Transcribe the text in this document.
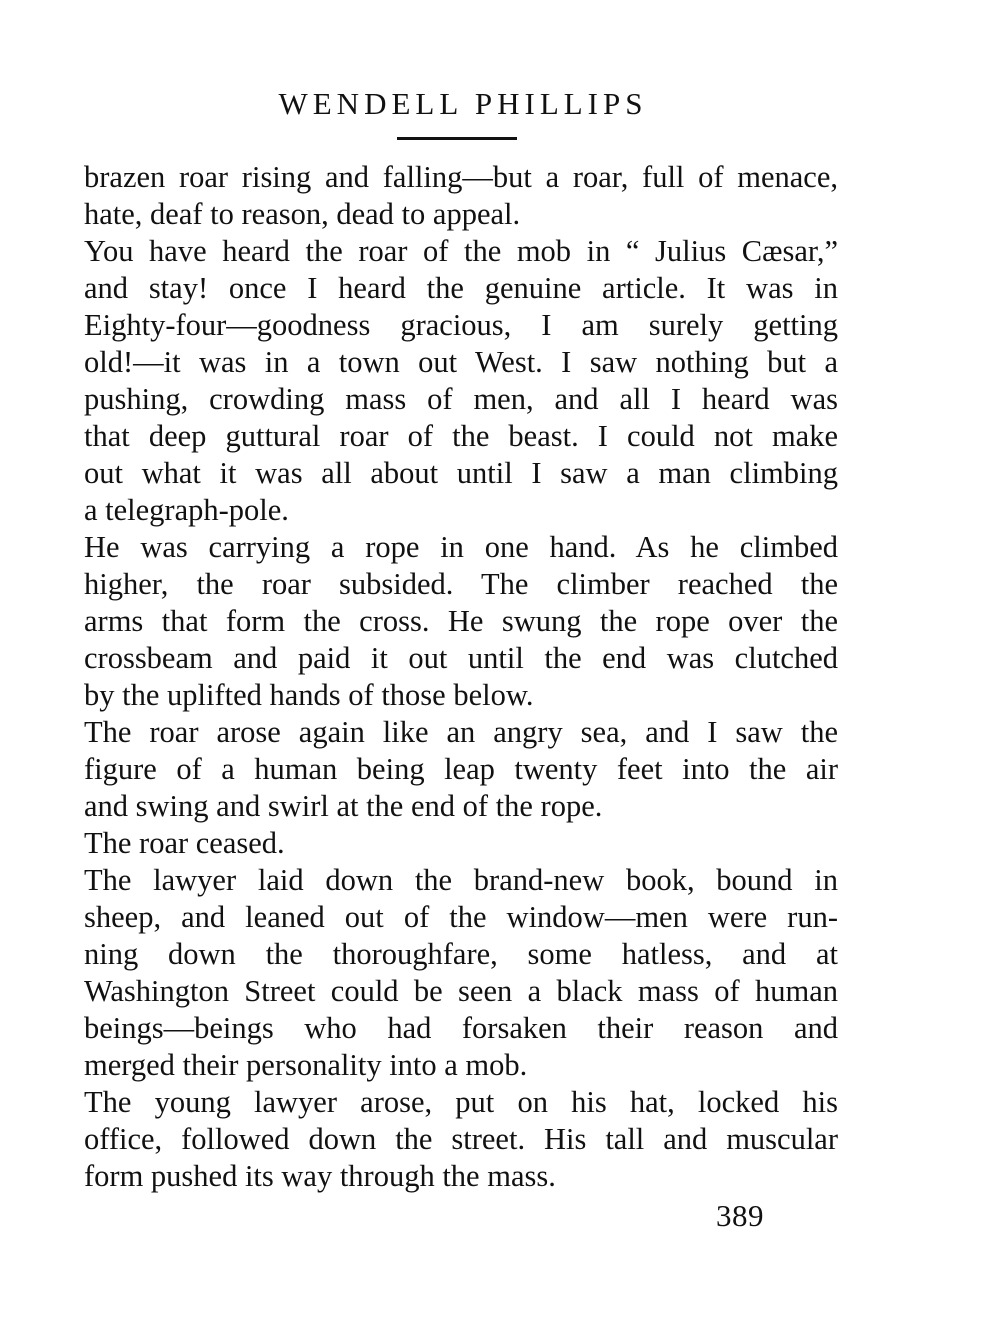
WENDELL PHILLIPS
brazen roar rising and falling—but a roar, full of menace,
hate, deaf to reason, dead to appeal.
You have heard the roar of the mob in “ Julius Cæsar,”
and stay! once I heard the genuine article. It was in
Eighty-four—goodness gracious, I am surely getting
old!—it was in a town out West. I saw nothing but a
pushing, crowding mass of men, and all I heard was
that deep guttural roar of the beast. I could not make
out what it was all about until I saw a man climbing
a telegraph-pole.
He was carrying a rope in one hand. As he climbed
higher, the roar subsided. The climber reached the
arms that form the cross. He swung the rope over the
crossbeam and paid it out until the end was clutched
by the uplifted hands of those below.
The roar arose again like an angry sea, and I saw the
figure of a human being leap twenty feet into the air
and swing and swirl at the end of the rope.
The roar ceased.
The lawyer laid down the brand-new book, bound in
sheep, and leaned out of the window—men were run-
ning down the thoroughfare, some hatless, and at
Washington Street could be seen a black mass of human
beings—beings who had forsaken their reason and
merged their personality into a mob.
The young lawyer arose, put on his hat, locked his
office, followed down the street. His tall and muscular
form pushed its way through the mass.
389
